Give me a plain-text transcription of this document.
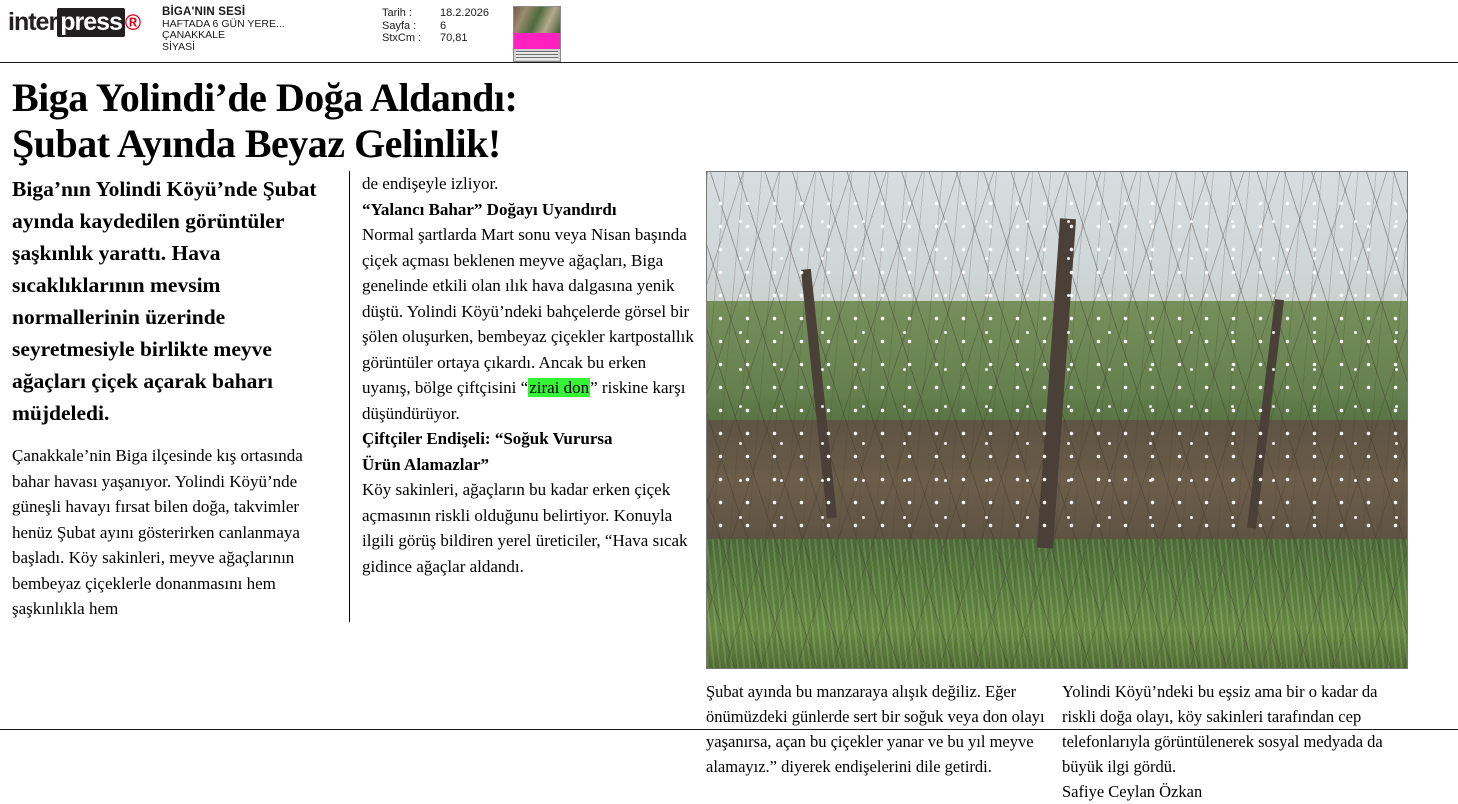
inter press ® BİGA'NIN SESİ
HAFTADA 6 GÜN YERE...
ÇANAKKALE
SİYASİ
Tarih :	18.2.2026
Sayfa :	6
StxCm :	70,81
Biga Yolindi’de Doğa Aldandı:
Şubat Ayında Beyaz Gelinlik!
Biga’nın Yolindi Köyü’nde Şubat ayında kaydedilen görüntüler şaşkınlık yarattı. Hava sıcaklıklarının mevsim normallerinin üzerinde seyretmesiyle birlikte meyve ağaçları çiçek açarak baharı müjdeledi.
Çanakkale’nin Biga ilçesinde kış ortasında bahar havası yaşanıyor. Yolindi Köyü’nde güneşli havayı fırsat bilen doğa, takvimler henüz Şubat ayını gösterirken canlanmaya başladı. Köy sakinleri, meyve ağaçlarının bembeyaz çiçeklerle donanmasını hem şaşkınlıkla hem

de endişeyle izliyor.

“Yalancı Bahar” Doğayı Uyandırdı

Normal şartlarda Mart sonu veya Nisan başında çiçek açması beklenen meyve ağaçları, Biga genelinde etkili olan ılık hava dalgasına yenik düştü. Yolindi Köyü’ndeki bahçelerde görsel bir şölen oluşurken, bembeyaz çiçekler kartpostallık görüntüler ortaya çıkardı. Ancak bu erken uyanış, bölge çiftçisini “zirai don” riskine karşı düşündürüyor.

Çiftçiler Endişeli: “Soğuk Vurursa

Ürün Alamazlar”

Köy sakinleri, ağaçların bu kadar erken çiçek açmasının riskli olduğunu belirtiyor. Konuyla ilgili görüş bildiren yerel üreticiler, “Hava sıcak gidince ağaçlar aldandı.

Şubat ayında bu manzaraya alışık değiliz. Eğer önümüzdeki günlerde sert bir soğuk veya don olayı yaşanırsa, açan bu çiçekler yanar ve bu yıl meyve alamayız.” diyerek endişelerini dile getirdi.
Yolindi Köyü’ndeki bu eşsiz ama bir o kadar da riskli doğa olayı, köy sakinleri tarafından cep telefonlarıyla görüntülenerek sosyal medyada da büyük ilgi gördü.
Safiye Ceylan Özkan
